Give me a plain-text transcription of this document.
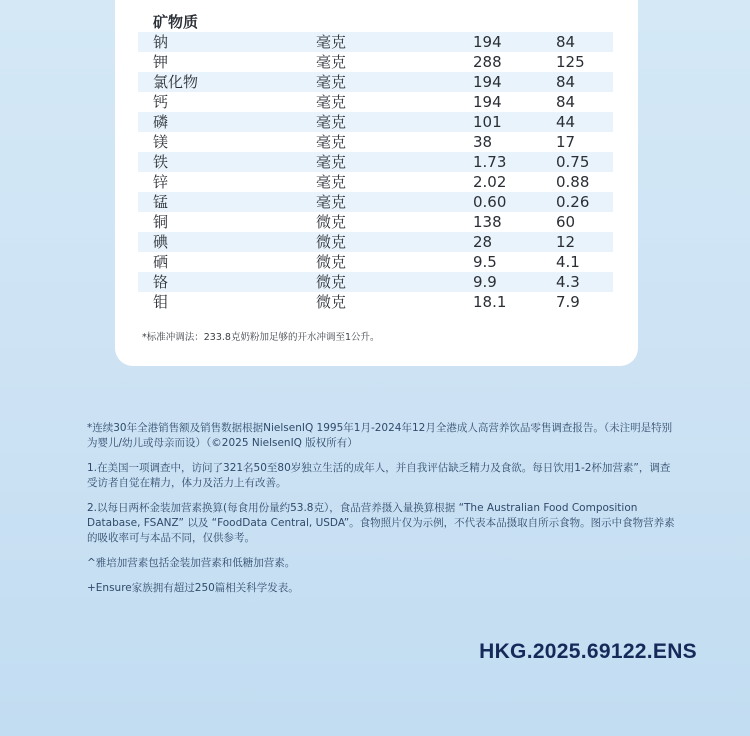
矿物质
钠	毫克	194	84
钾	毫克	288	125
氯化物	毫克	194	84
钙	毫克	194	84
磷	毫克	101	44
镁	毫克	38	17
铁	毫克	1.73	0.75
锌	毫克	2.02	0.88
锰	毫克	0.60	0.26
铜	微克	138	60
碘	微克	28	12
硒	微克	9.5	4.1
铬	微克	9.9	4.3
钼	微克	18.1	7.9

*标准冲调法：233.8克奶粉加足够的开水冲调至1公升。

*连续30年全港销售额及销售数据根据NielsenIQ 1995年1月-2024年12月全港成人高营养饮品零售调查报告。（未注明是特别为婴儿/幼儿或母亲而设）（©2025 NielsenIQ 版权所有）

1.在美国一项调查中，访问了321名50至80岁独立生活的成年人，并自我评估缺乏精力及食欲。每日饮用1-2杯加营素”，调查受访者自觉在精力，体力及活力上有改善。

2.以每日两杯金装加营素换算(每食用份量约53.8克），食品营养摄入量换算根据 “The Australian Food Composition Database, FSANZ” 以及 “FoodData Central, USDA”。食物照片仅为示例，不代表本品摄取自所示食物。图示中食物营养素的吸收率可与本品不同，仅供参考。

^雅培加营素包括金装加营素和低糖加营素。

+Ensure家族拥有超过250篇相关科学发表。

HKG.2025.69122.ENS
